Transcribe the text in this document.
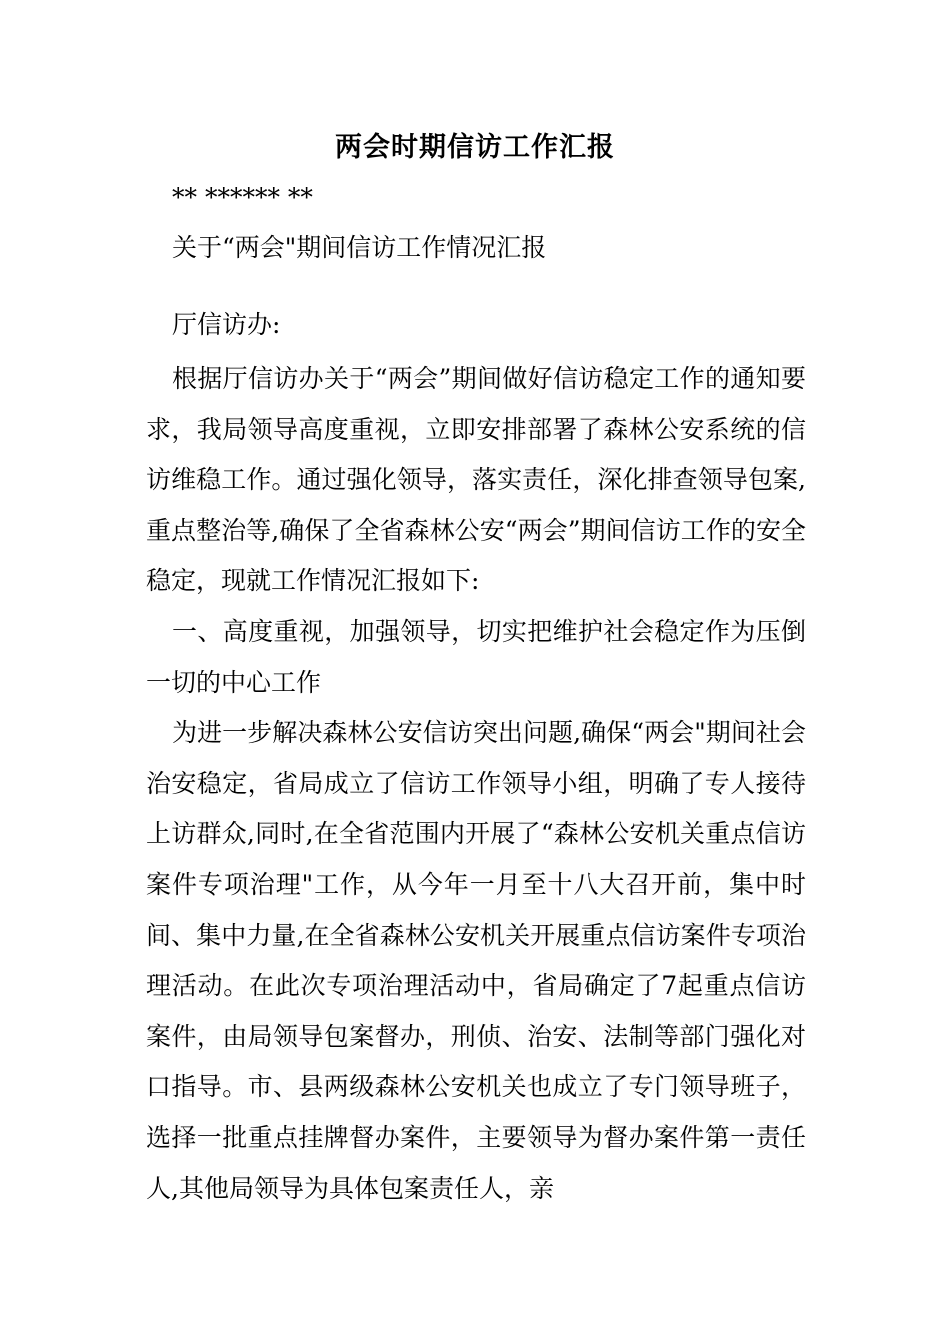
两会时期信访工作汇报
** ****** **
关于“两会"期间信访工作情况汇报
厅信访办:

根据厅信访办关于“两会”期间做好信访稳定工作的通知要求，我局领导高度重视，立即安排部署了森林公安系统的信访维稳工作。通过强化领导，落实责任，深化排查领导包案,重点整治等,确保了全省森林公安“两会”期间信访工作的安全稳定，现就工作情况汇报如下:

一、高度重视，加强领导，切实把维护社会稳定作为压倒一切的中心工作

为进一步解决森林公安信访突出问题,确保“两会"期间社会治安稳定，省局成立了信访工作领导小组，明确了专人接待上访群众,同时,在全省范围内开展了“森林公安机关重点信访案件专项治理"工作，从今年一月至十八大召开前，集中时间、集中力量,在全省森林公安机关开展重点信访案件专项治理活动。在此次专项治理活动中，省局确定了7起重点信访案件，由局领导包案督办，刑侦、治安、法制等部门强化对口指导。市、县两级森林公安机关也成立了专门领导班子，选择一批重点挂牌督办案件，主要领导为督办案件第一责任人,其他局领导为具体包案责任人，亲
